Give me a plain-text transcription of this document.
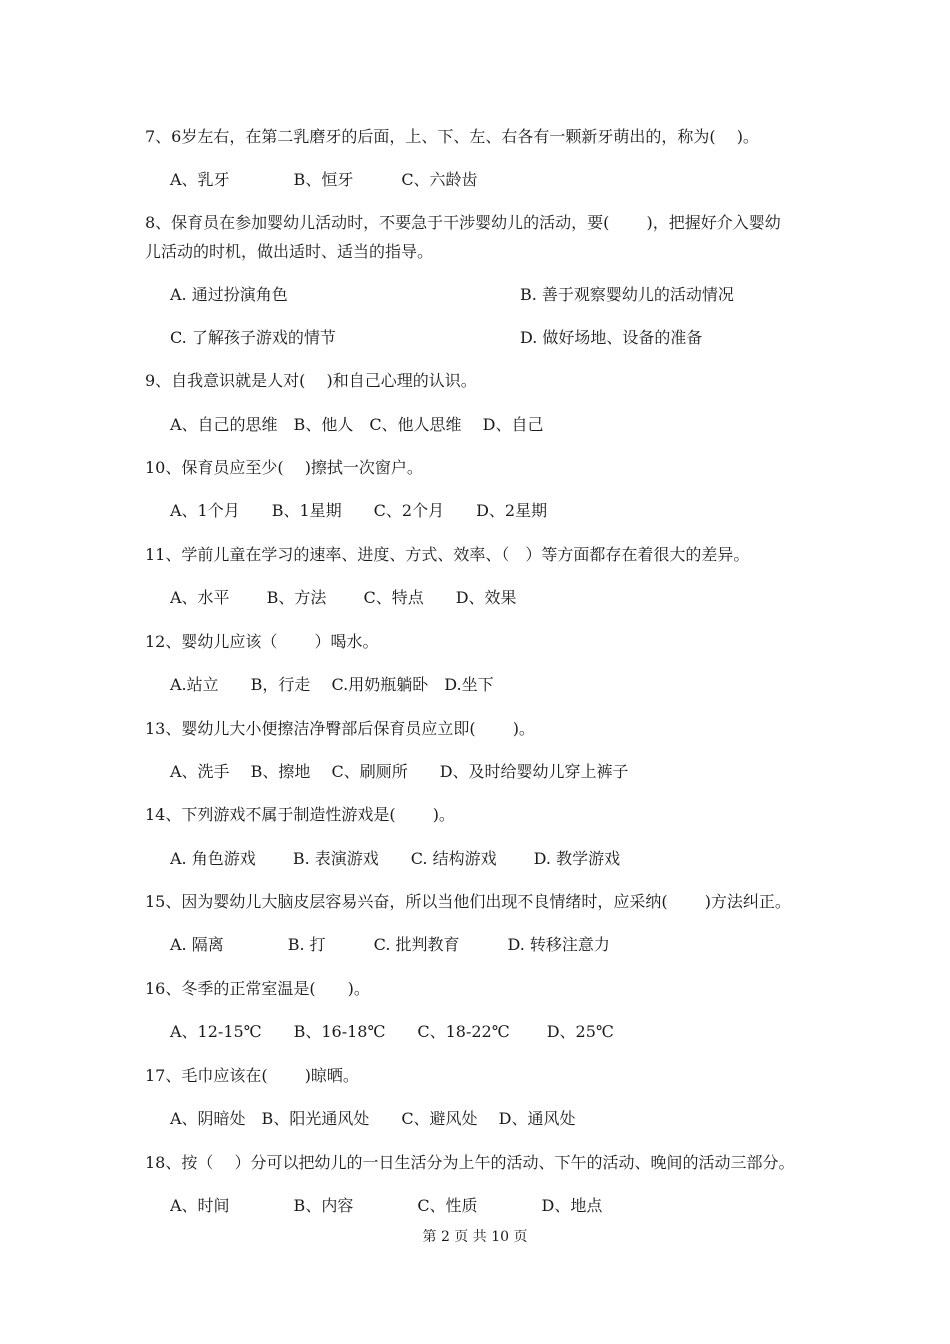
7、6岁左右，在第二乳磨牙的后面，上、下、左、右各有一颗新牙萌出的，称为(　 )。
A、乳牙　　　　B、恒牙　　　C、六龄齿
8、保育员在参加婴幼儿活动时，不要急于干涉婴幼儿的活动，要(　　 )，把握好介入婴幼
儿活动的时机，做出适时、适当的指导。
A. 通过扮演角色	B. 善于观察婴幼儿的活动情况
C. 了解孩子游戏的情节	D. 做好场地、设备的准备
9、自我意识就是人对(　 )和自己心理的认识。
A、自己的思维　B、他人　C、他人思维　 D、自己
10、保育员应至少(　 )擦拭一次窗户。
A、1个月　　B、1星期　　C、2个月　　D、2星期
11、学前儿童在学习的速率、进度、方式、效率、（　）等方面都存在着很大的差异。
A、水平　　 B、方法　　 C、特点　　D、效果
12、婴幼儿应该（　　 ）喝水。
A.站立　　B，行走　 C.用奶瓶躺卧　D.坐下
13、婴幼儿大小便擦洁净臀部后保育员应立即(　　 )。
A、洗手　 B、擦地　 C、刷厕所　　D、及时给婴幼儿穿上裤子
14、下列游戏不属于制造性游戏是(　　 )。
A. 角色游戏　　 B. 表演游戏　　C. 结构游戏　　 D. 教学游戏
15、因为婴幼儿大脑皮层容易兴奋，所以当他们出现不良情绪时，应采纳(　　 )方法纠正。
A. 隔离　　　　B. 打　　　C. 批判教育　　　D. 转移注意力
16、冬季的正常室温是(　　)。
A、12-15℃　　B、16-18℃　　C、18-22℃　　 D、25℃
17、毛巾应该在(　　 )晾晒。
A、阴暗处　B、阳光通风处　　C、避风处　 D、通风处
18、按（　 ）分可以把幼儿的一日生活分为上午的活动、下午的活动、晚间的活动三部分。
A、时间　　　　B、内容　　　　C、性质　　　　D、地点
第 2 页 共 10 页
